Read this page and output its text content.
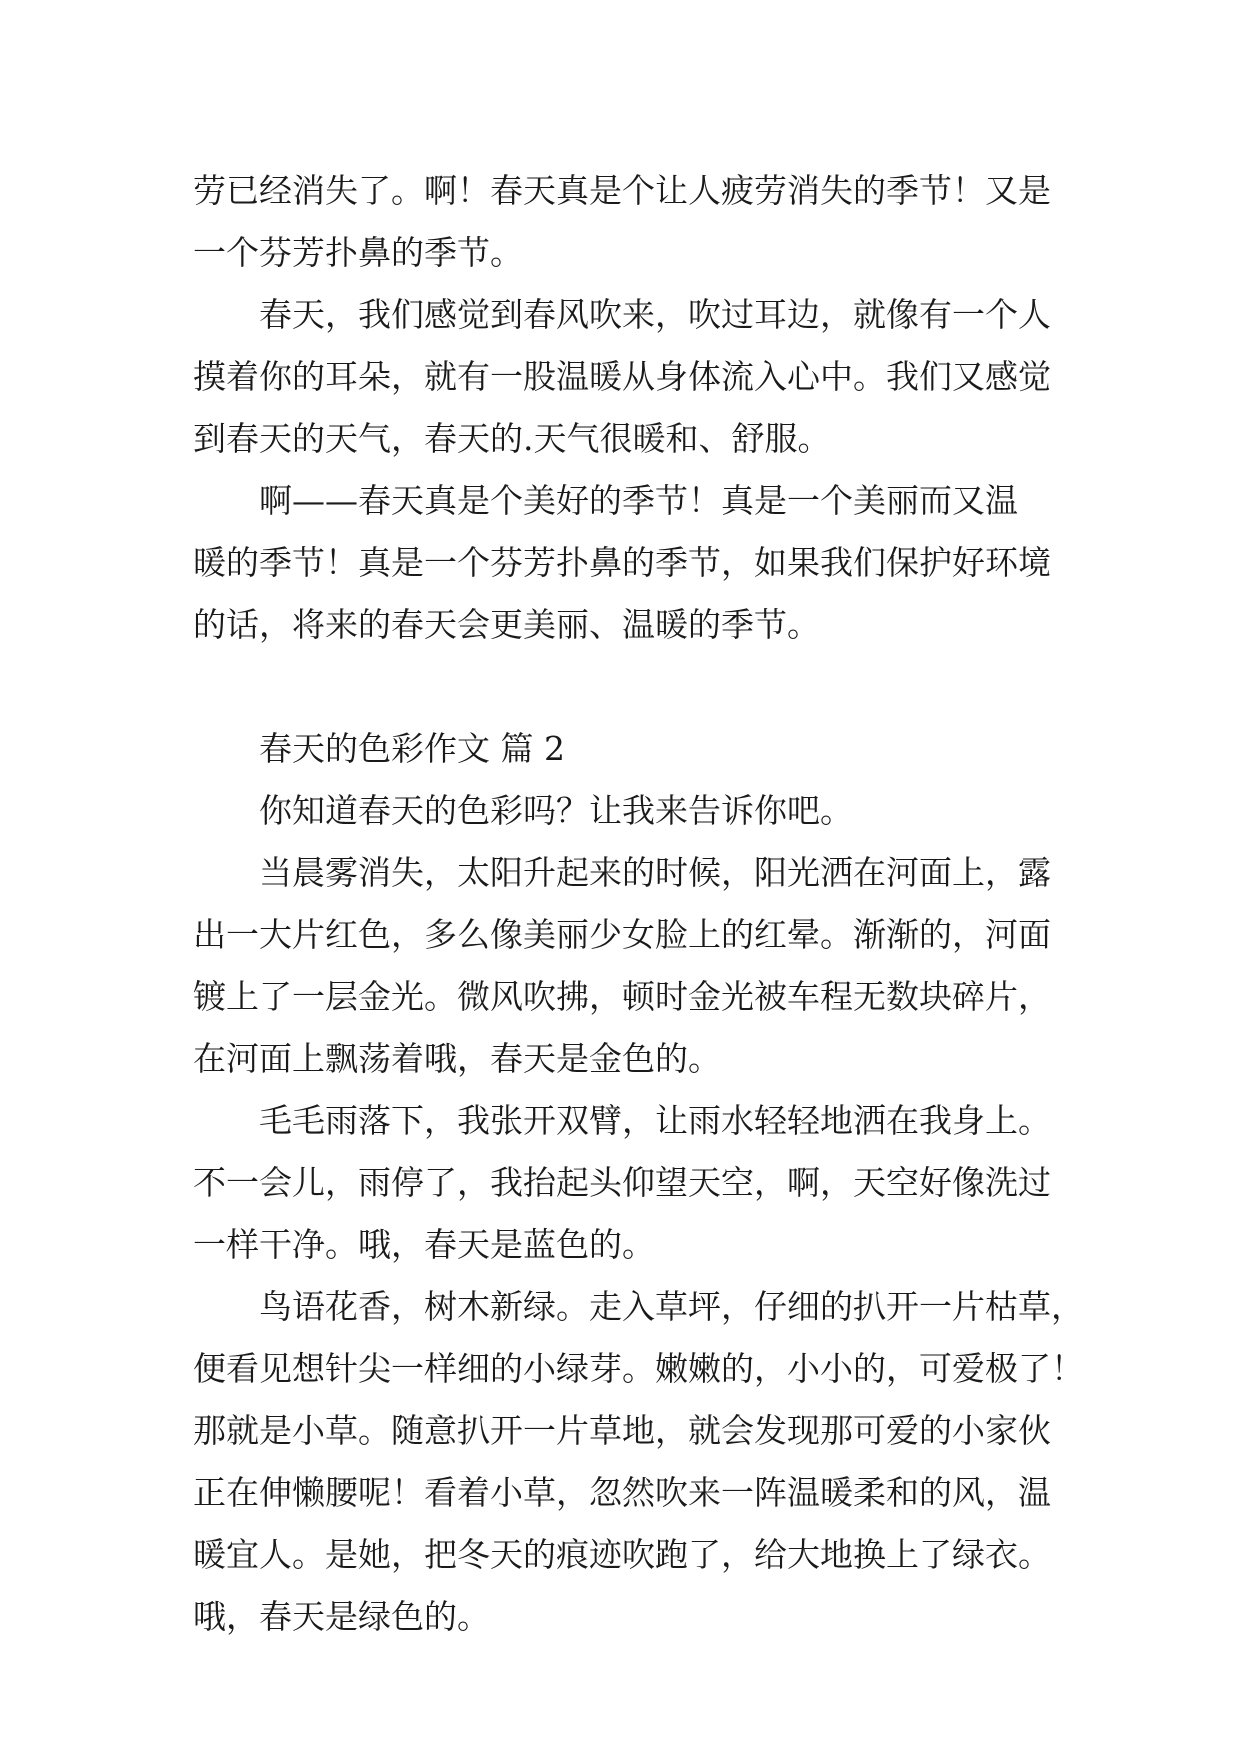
劳已经消失了。啊！春天真是个让人疲劳消失的季节！又是

一个芬芳扑鼻的季节。

春天，我们感觉到春风吹来，吹过耳边，就像有一个人

摸着你的耳朵，就有一股温暖从身体流入心中。我们又感觉

到春天的天气，春天的.天气很暖和、舒服。

啊——春天真是个美好的季节！真是一个美丽而又温

暖的季节！真是一个芬芳扑鼻的季节，如果我们保护好环境

的话，将来的春天会更美丽、温暖的季节。

春天的色彩作文 篇 2

你知道春天的色彩吗？让我来告诉你吧。

当晨雾消失，太阳升起来的时候，阳光洒在河面上，露

出一大片红色，多么像美丽少女脸上的红晕。渐渐的，河面

镀上了一层金光。微风吹拂，顿时金光被车程无数块碎片，

在河面上飘荡着哦，春天是金色的。

毛毛雨落下，我张开双臂，让雨水轻轻地洒在我身上。

不一会儿，雨停了，我抬起头仰望天空，啊，天空好像洗过

一样干净。哦，春天是蓝色的。

鸟语花香，树木新绿。走入草坪，仔细的扒开一片枯草，

便看见想针尖一样细的小绿芽。嫩嫩的，小小的，可爱极了！

那就是小草。随意扒开一片草地，就会发现那可爱的小家伙

正在伸懒腰呢！看着小草，忽然吹来一阵温暖柔和的风，温

暖宜人。是她，把冬天的痕迹吹跑了，给大地换上了绿衣。

哦，春天是绿色的。
